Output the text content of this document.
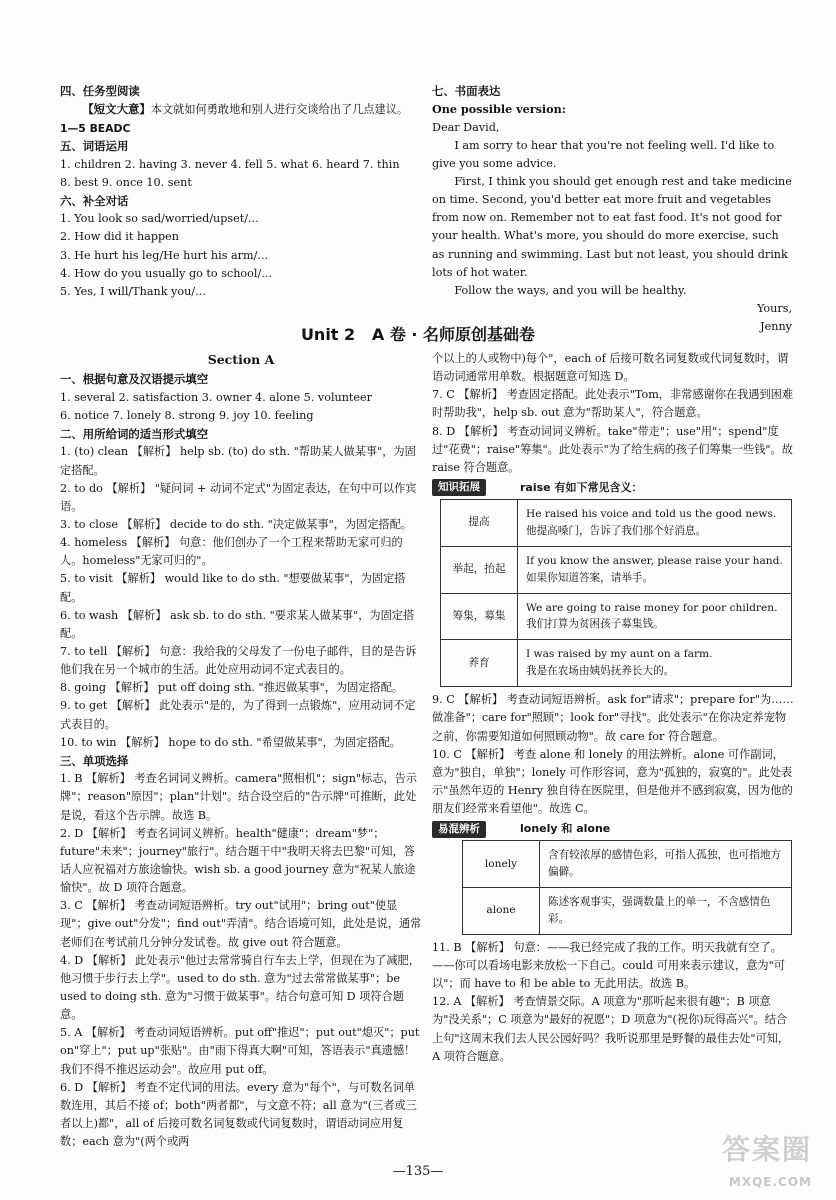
四、任务型阅读

【短文大意】本文就如何勇敢地和别人进行交谈给出了几点建议。

1—5 BEADC

五、词语运用

1. children 2. having 3. never 4. fell 5. what 6. heard 7. thin

8. best 9. once 10. sent

六、补全对话

1. You look so sad/worried/upset/...

2. How did it happen

3. He hurt his leg/He hurt his arm/...

4. How do you usually go to school/...

5. Yes, I will/Thank you/...

七、书面表达

One possible version:

Dear David,

I am sorry to hear that you're not feeling well. I'd like to give you some advice.

First, I think you should get enough rest and take medicine on time. Second, you'd better eat more fruit and vegetables from now on. Remember not to eat fast food. It's not good for your health. What's more, you should do more exercise, such as running and swimming. Last but not least, you should drink lots of hot water.

Follow the ways, and you will be healthy.

Yours,

Jenny

Unit 2   A 卷 · 名师原创基础卷

Section A

一、根据句意及汉语提示填空

1. several 2. satisfaction 3. owner 4. alone 5. volunteer

6. notice 7. lonely 8. strong 9. joy 10. feeling

二、用所给词的适当形式填空

1. (to) clean 【解析】 help sb. (to) do sth. "帮助某人做某事"，为固定搭配。

2. to do 【解析】 "疑问词 + 动词不定式"为固定表达，在句中可以作宾语。

3. to close 【解析】 decide to do sth. "决定做某事"，为固定搭配。

4. homeless 【解析】 句意：他们创办了一个工程来帮助无家可归的人。homeless"无家可归的"。

5. to visit 【解析】 would like to do sth. "想要做某事"，为固定搭配。

6. to wash 【解析】 ask sb. to do sth. "要求某人做某事"，为固定搭配。

7. to tell 【解析】 句意：我给我的父母发了一份电子邮件，目的是告诉他们我在另一个城市的生活。此处应用动词不定式表目的。

8. going 【解析】 put off doing sth. "推迟做某事"，为固定搭配。

9. to get 【解析】 此处表示"是的，为了得到一点锻炼"，应用动词不定式表目的。

10. to win 【解析】 hope to do sth. "希望做某事"，为固定搭配。

三、单项选择

1. B 【解析】 考查名词词义辨析。camera"照相机"；sign"标志，告示牌"；reason"原因"；plan"计划"。结合设空后的"告示牌"可推断，此处是说，看这个告示牌。故选 B。

2. D 【解析】 考查名词词义辨析。health"健康"；dream"梦"；future"未来"；journey"旅行"。结合题干中"我明天将去巴黎"可知，答话人应祝福对方旅途愉快。wish sb. a good journey 意为"祝某人旅途愉快"。故 D 项符合题意。

3. C 【解析】 考查动词短语辨析。try out"试用"；bring out"使显现"；give out"分发"；find out"弄清"。结合语境可知，此处是说，通常老师们在考试前几分钟分发试卷。故 give out 符合题意。

4. D 【解析】 此处表示"他过去常常骑自行车去上学，但现在为了减肥，他习惯于步行去上学"。used to do sth. 意为"过去常常做某事"；be used to doing sth. 意为"习惯于做某事"。结合句意可知 D 项符合题意。

5. A 【解析】 考查动词短语辨析。put off"推迟"；put out"熄灭"；put on"穿上"；put up"张贴"。由"雨下得真大啊"可知，答语表示"真遗憾！我们不得不推迟运动会"。故应用 put off。

6. D 【解析】 考查不定代词的用法。every 意为"每个"，与可数名词单数连用，其后不接 of；both"两者都"，与文意不符；all 意为"(三者或三者以上)都"，all of 后接可数名词复数或代词复数时，谓语动词应用复数；each 意为"(两个或两

个以上的人或物中)每个"，each of 后接可数名词复数或代词复数时，谓语动词通常用单数。根据题意可知选 D。

7. C 【解析】 考查固定搭配。此处表示"Tom，非常感谢你在我遇到困难时帮助我"，help sb. out 意为"帮助某人"，符合题意。

8. D 【解析】 考查动词词义辨析。take"带走"；use"用"；spend"度过"花费"；raise"筹集"。此处表示"为了给生病的孩子们筹集一些钱"。故 raise 符合题意。

知识拓展	raise 有如下常见含义：
提高	He raised his voice and told us the good news.
他提高嗓门，告诉了我们那个好消息。

举起，抬起	If you know the answer, please raise your hand.
如果你知道答案，请举手。

筹集，募集	We are going to raise money for poor children.
我们打算为贫困孩子募集钱。

养育	I was raised by my aunt on a farm.
我是在农场由姨妈抚养长大的。

9. C 【解析】 考查动词短语辨析。ask for"请求"；prepare for"为……做准备"；care for"照顾"；look for"寻找"。此处表示"在你决定养宠物之前，你需要知道如何照顾动物"。故 care for 符合题意。

10. C 【解析】 考查 alone 和 lonely 的用法辨析。alone 可作副词，意为"独自，单独"；lonely 可作形容词，意为"孤独的，寂寞的"。此处表示"虽然年迈的 Henry 独自待在医院里，但是他并不感到寂寞，因为他的朋友们经常来看望他"。故选 C。

易混辨析	lonely 和 alone
lonely	含有较浓厚的感情色彩，可指人孤独，也可指地方偏僻。
alone	陈述客观事实，强调数量上的单一，不含感情色彩。

11. B 【解析】 句意：——我已经完成了我的工作。明天我就有空了。——你可以看场电影来放松一下自己。could 可用来表示建议，意为"可以"；而 have to 和 be able to 无此用法。故选 B。

12. A 【解析】 考查情景交际。A 项意为"那听起来很有趣"；B 项意为"没关系"；C 项意为"最好的祝愿"；D 项意为"(祝你)玩得高兴"。结合上句"这周末我们去人民公园好吗？我听说那里是野餐的最佳去处"可知，A 项符合题意。

—135—
答案圈
MXQE.COM
